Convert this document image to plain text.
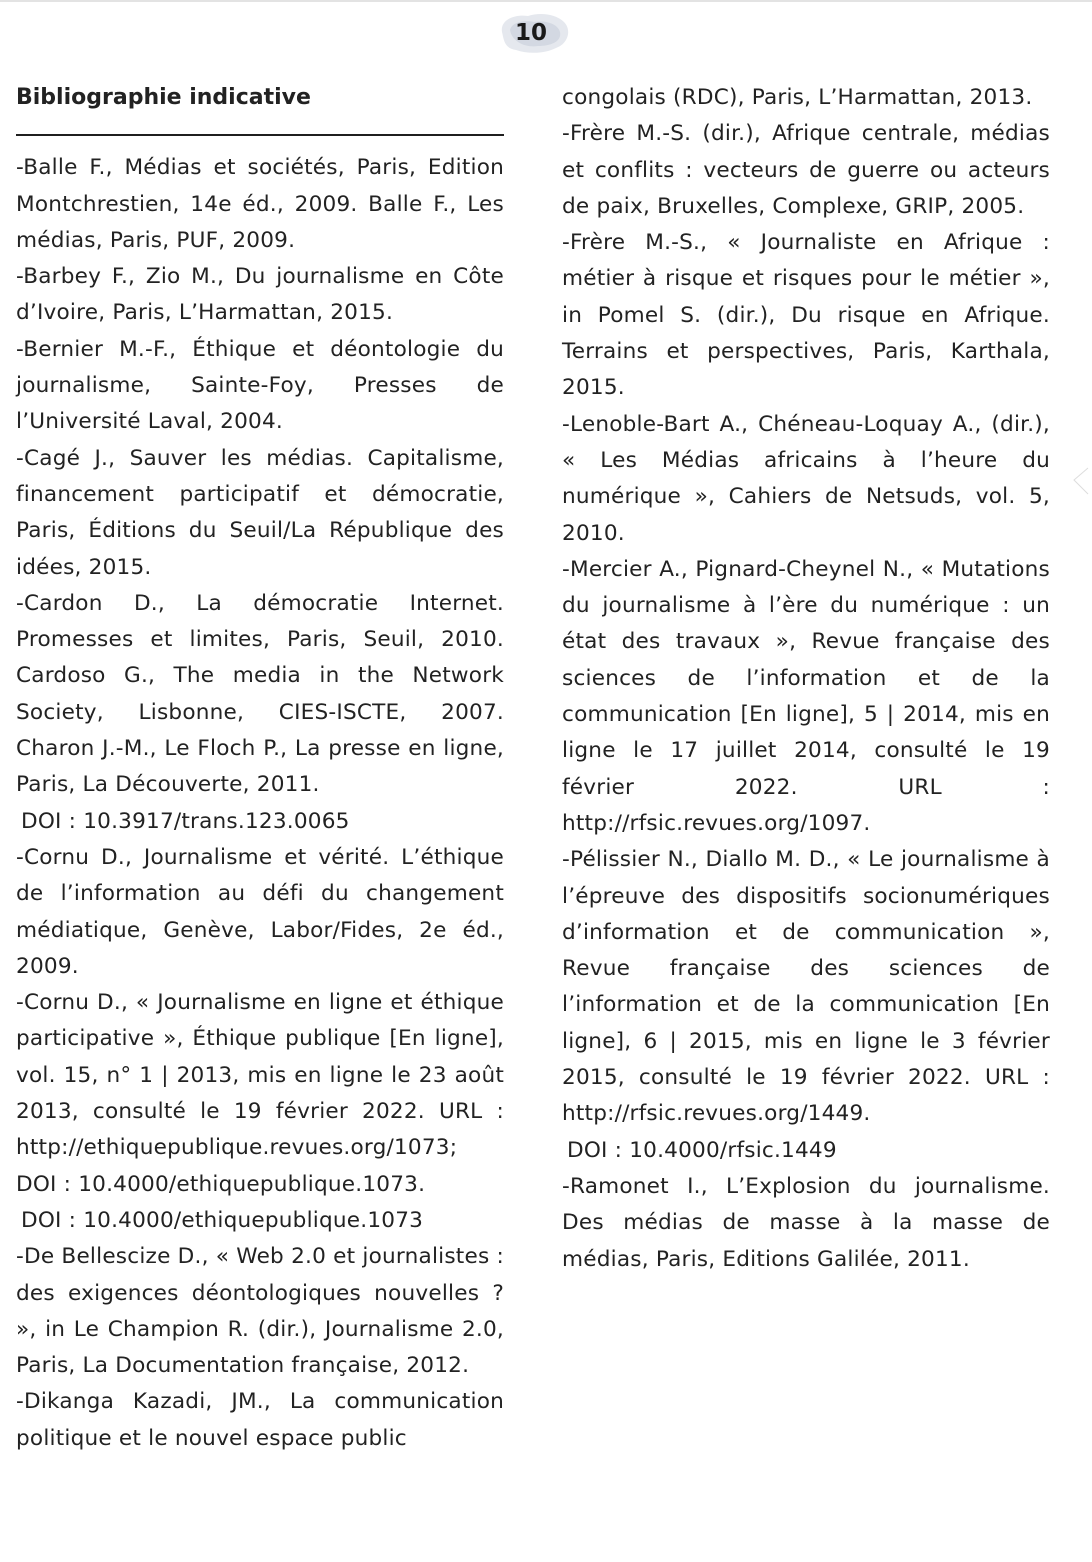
10
Bibliographie indicative

-Balle F., Médias et sociétés, Paris, Edition Montchrestien, 14e éd., 2009. Balle F., Les médias, Paris, PUF, 2009.

-Barbey F., Zio M., Du journalisme en Côte d’Ivoire, Paris, L’Harmattan, 2015.

-Bernier M.-F., Éthique et déontologie du journalisme, Sainte-Foy, Presses de l’Université Laval, 2004.

-Cagé J., Sauver les médias. Capitalisme, financement participatif et démocratie, Paris, Éditions du Seuil/La République des idées, 2015.

-Cardon D., La démocratie Internet. Promesses et limites, Paris, Seuil, 2010. Cardoso G., The media in the Network Society, Lisbonne, CIES-ISCTE, 2007. Charon J.-M., Le Floch P., La presse en ligne, Paris, La Découverte, 2011.

DOI : 10.3917/trans.123.0065

-Cornu D., Journalisme et vérité. L’éthique de l’information au défi du changement médiatique, Genève, Labor/Fides, 2e éd., 2009.

-Cornu D., « Journalisme en ligne et éthique participative », Éthique publique [En ligne], vol. 15, n° 1 | 2013, mis en ligne le 23 août 2013, consulté le 19 février 2022. URL : http://ethiquepublique.revues.org/1073; DOI : 10.4000/ethiquepublique.1073.

DOI : 10.4000/ethiquepublique.1073

-De Bellescize D., « Web 2.0 et journalistes : des exigences déontologiques nouvelles ? », in Le Champion R. (dir.), Journalisme 2.0, Paris, La Documentation française, 2012.

-Dikanga Kazadi, JM., La communication politique et le nouvel espace public

congolais (RDC), Paris, L’Harmattan, 2013.

-Frère M.-S. (dir.), Afrique centrale, médias et conflits : vecteurs de guerre ou acteurs de paix, Bruxelles, Complexe, GRIP, 2005.

-Frère M.-S., « Journaliste en Afrique : métier à risque et risques pour le métier », in Pomel S. (dir.), Du risque en Afrique. Terrains et perspectives, Paris, Karthala, 2015.

-Lenoble-Bart A., Chéneau-Loquay A., (dir.), « Les Médias africains à l’heure du numérique », Cahiers de Netsuds, vol. 5, 2010.

-Mercier A., Pignard-Cheynel N., « Mutations du journalisme à l’ère du numérique : un état des travaux », Revue française des sciences de l’information et de la communication [En ligne], 5 | 2014, mis en ligne le 17 juillet 2014, consulté le 19 février 2022. URL : http://rfsic.revues.org/1097.

-Pélissier N., Diallo M. D., « Le journalisme à l’épreuve des dispositifs socionumériques d’information et de communication », Revue française des sciences de l’information et de la communication [En ligne], 6 | 2015, mis en ligne le 3 février 2015, consulté le 19 février 2022. URL : http://rfsic.revues.org/1449.

DOI : 10.4000/rfsic.1449

-Ramonet I., L’Explosion du journalisme. Des médias de masse à la masse de médias, Paris, Editions Galilée, 2011.
